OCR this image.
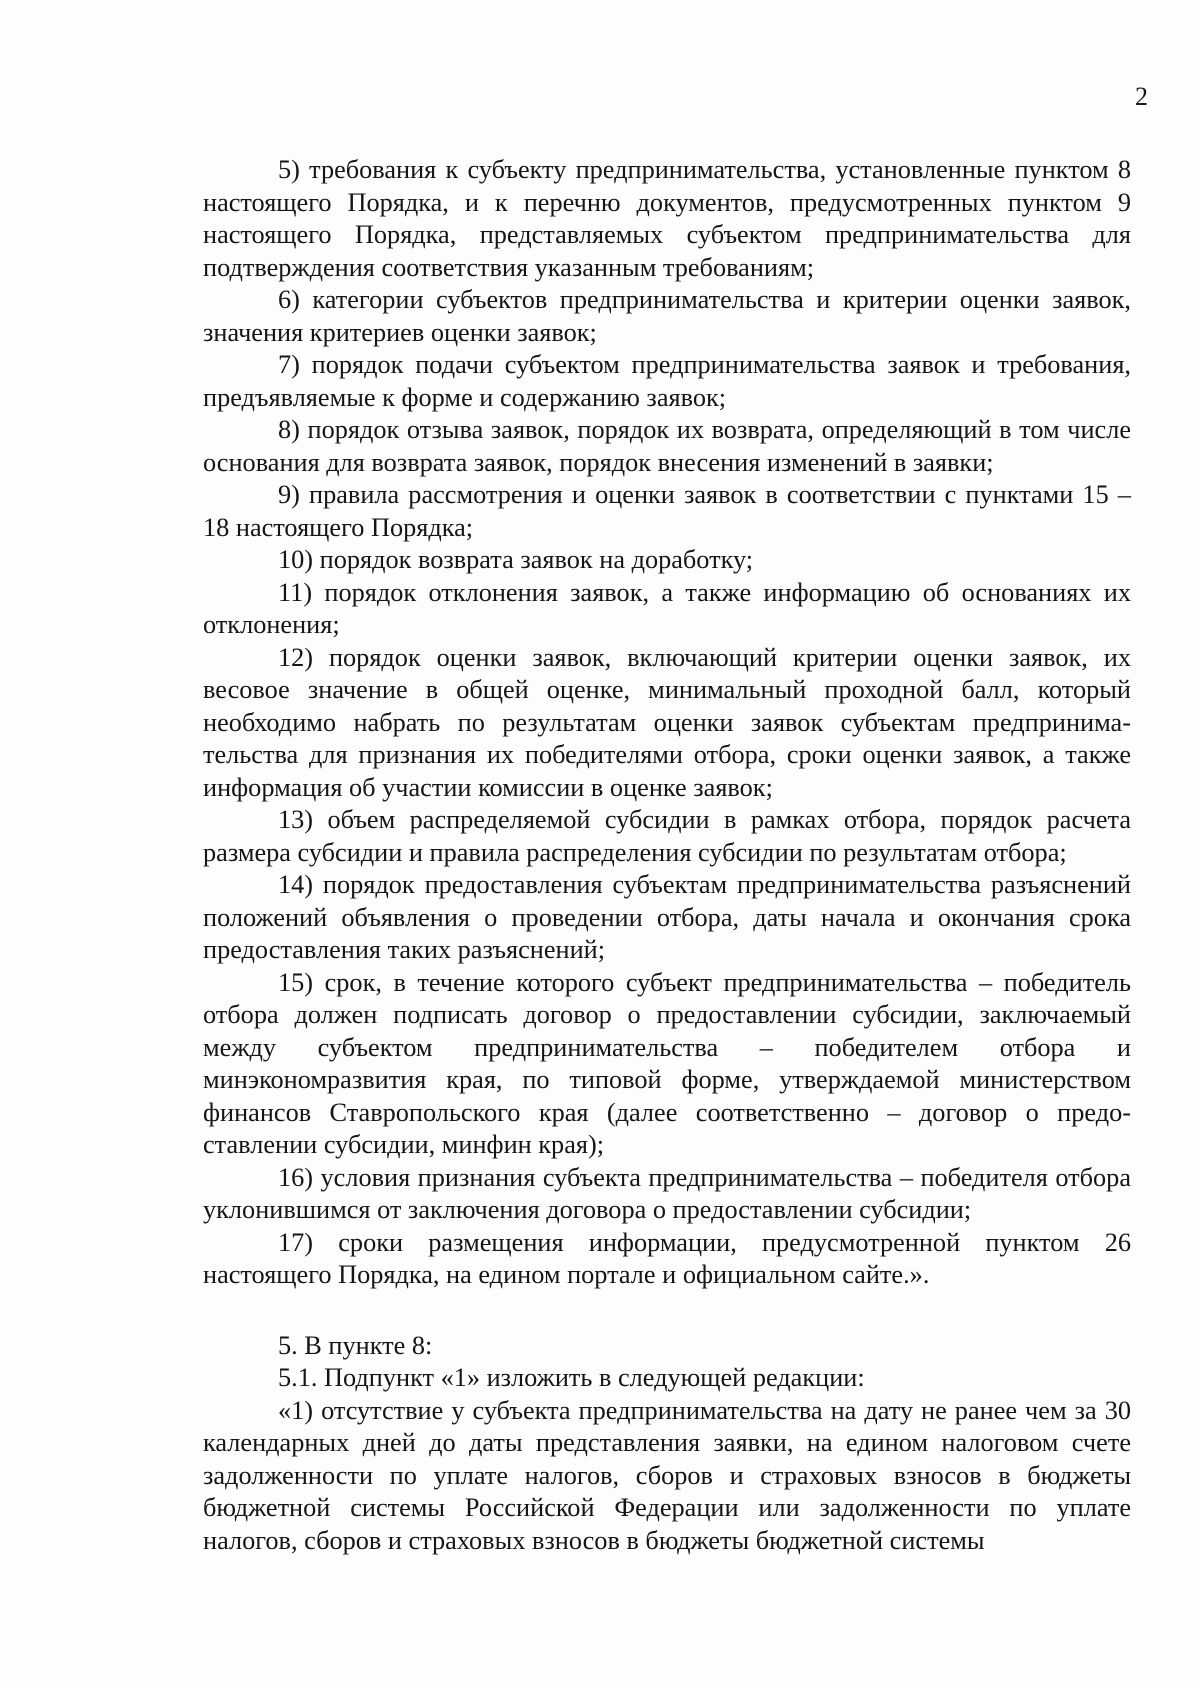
2

5) требования к субъекту предпринимательства, установленные пунктом 8 настоящего Порядка, и к перечню документов, предусмотренных пунктом 9 настоящего Порядка, представляемых субъектом предпринимательства для подтверждения соответствия указанным требованиям;

6) категории субъектов предпринимательства и критерии оценки заявок, значения критериев оценки заявок;

7) порядок подачи субъектом предпринимательства заявок и требования, предъявляемые к форме и содержанию заявок;

8) порядок отзыва заявок, порядок их возврата, определяющий в том числе основания для возврата заявок, порядок внесения изменений в заявки;

9) правила рассмотрения и оценки заявок в соответствии с пунктами 15 – 18 настоящего Порядка;

10) порядок возврата заявок на доработку;

11) порядок отклонения заявок, а также информацию об основаниях их отклонения;

12) порядок оценки заявок, включающий критерии оценки заявок, их весовое значение в общей оценке, минимальный проходной балл, который необходимо набрать по результатам оценки заявок субъектам предпринимательства для признания их победителями отбора, сроки оценки заявок, а также информация об участии комиссии в оценке заявок;

13) объем распределяемой субсидии в рамках отбора, порядок расчета размера субсидии и правила распределения субсидии по результатам отбора;

14) порядок предоставления субъектам предпринимательства разъяснений положений объявления о проведении отбора, даты начала и окончания срока предоставления таких разъяснений;

15) срок, в течение которого субъект предпринимательства – победитель отбора должен подписать договор о предоставлении субсидии, заключаемый между субъектом предпринимательства – победителем отбора и минэкономразвития края, по типовой форме, утверждаемой министерством финансов Ставропольского края (далее соответственно – договор о предоставлении субсидии, минфин края);

16) условия признания субъекта предпринимательства – победителя отбора уклонившимся от заключения договора о предоставлении субсидии;

17) сроки размещения информации, предусмотренной пунктом 26 настоящего Порядка, на едином портале и официальном сайте.».

5. В пункте 8:

5.1. Подпункт «1» изложить в следующей редакции:

«1) отсутствие у субъекта предпринимательства на дату не ранее чем за 30 календарных дней до даты представления заявки, на едином налоговом счете задолженности по уплате налогов, сборов и страховых взносов в бюджеты бюджетной системы Российской Федерации или задолженности по уплате налогов, сборов и страховых взносов в бюджеты бюджетной системы
